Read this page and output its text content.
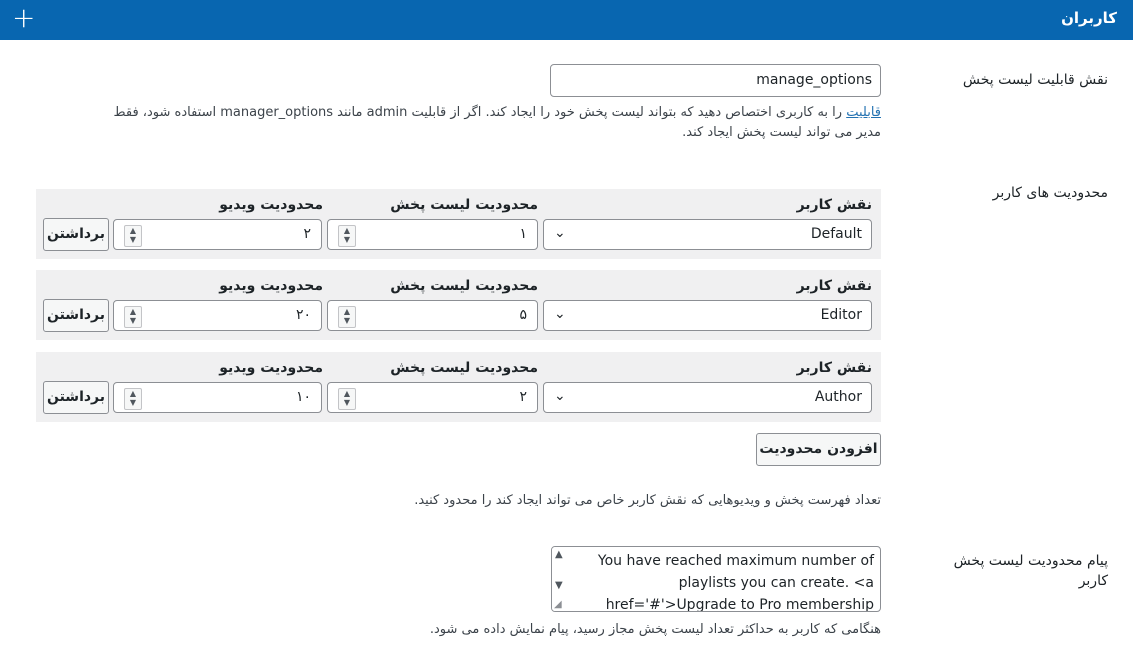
+	کاربران
نقش قابلیت لیست پخش
manage_options
قابلیت را به کاربری اختصاص دهید که بتواند لیست پخش خود را ایجاد کند. اگر از قابلیت admin مانند manager_options استفاده شود، فقط
مدیر می تواند لیست پخش ایجاد کند.
محدودیت های کاربر
نقش کاربر
محدودیت لیست پخش
محدودیت ویدیو
Default
⌄
۱
▲
▼
۲
▲
▼
برداشتن
نقش کاربر
محدودیت لیست پخش
محدودیت ویدیو
Editor
⌄
۵
▲
▼
۲۰
▲
▼
برداشتن
نقش کاربر
محدودیت لیست پخش
محدودیت ویدیو
Author
⌄
۲
▲
▼
۱۰
▲
▼
برداشتن
افزودن محدودیت
تعداد فهرست پخش و ویدیوهایی که نقش کاربر خاص می تواند ایجاد کند را محدود کنید.
پیام محدودیت لیست پخش کاربر
You have reached maximum number of playlists you can create. <a href='#'>Upgrade to Pro membership
▲
▼
◢
هنگامی که کاربر به حداکثر تعداد لیست پخش مجاز رسید، پیام نمایش داده می شود.
